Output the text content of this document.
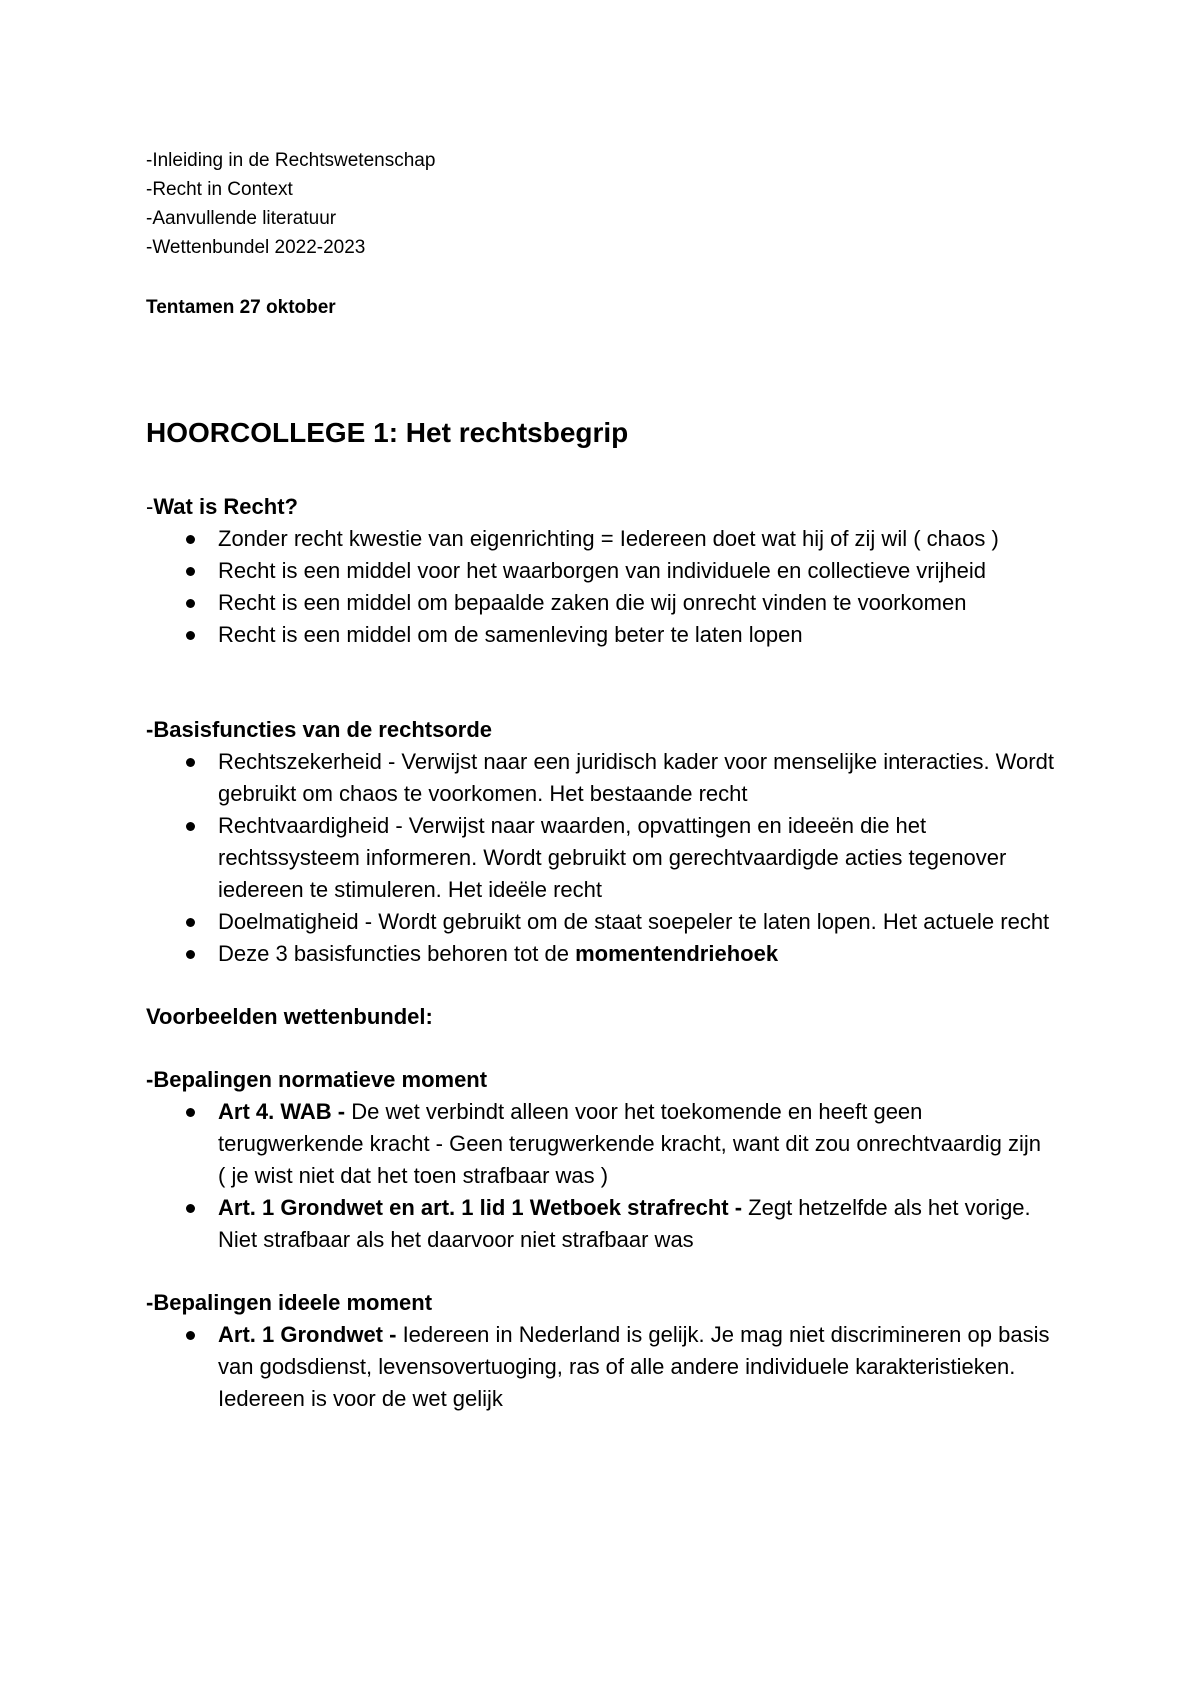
-Inleiding in de Rechtswetenschap

-Recht in Context

-Aanvullende literatuur

-Wettenbundel 2022-2023

Tentamen 27 oktober

HOORCOLLEGE 1: Het rechtsbegrip

-Wat is Recht?

Zonder recht kwestie van eigenrichting = Iedereen doet wat hij of zij wil ( chaos )
Recht is een middel voor het waarborgen van individuele en collectieve vrijheid
Recht is een middel om bepaalde zaken die wij onrecht vinden te voorkomen
Recht is een middel om de samenleving beter te laten lopen

-Basisfuncties van de rechtsorde

Rechtszekerheid - Verwijst naar een juridisch kader voor menselijke interacties. Wordt gebruikt om chaos te voorkomen. Het bestaande recht
Rechtvaardigheid - Verwijst naar waarden, opvattingen en ideeën die het rechtssysteem informeren. Wordt gebruikt om gerechtvaardigde acties tegenover iedereen te stimuleren. Het ideële recht
Doelmatigheid - Wordt gebruikt om de staat soepeler te laten lopen. Het actuele recht
Deze 3 basisfuncties behoren tot de momentendriehoek

Voorbeelden wettenbundel:

-Bepalingen normatieve moment

Art 4. WAB - De wet verbindt alleen voor het toekomende en heeft geen terugwerkende kracht - Geen terugwerkende kracht, want dit zou onrechtvaardig zijn ( je wist niet dat het toen strafbaar was )
Art. 1 Grondwet en art. 1 lid 1 Wetboek strafrecht - Zegt hetzelfde als het vorige. Niet strafbaar als het daarvoor niet strafbaar was

-Bepalingen ideele moment

Art. 1 Grondwet - Iedereen in Nederland is gelijk. Je mag niet discrimineren op basis van godsdienst, levensovertuoging, ras of alle andere individuele karakteristieken. Iedereen is voor de wet gelijk
